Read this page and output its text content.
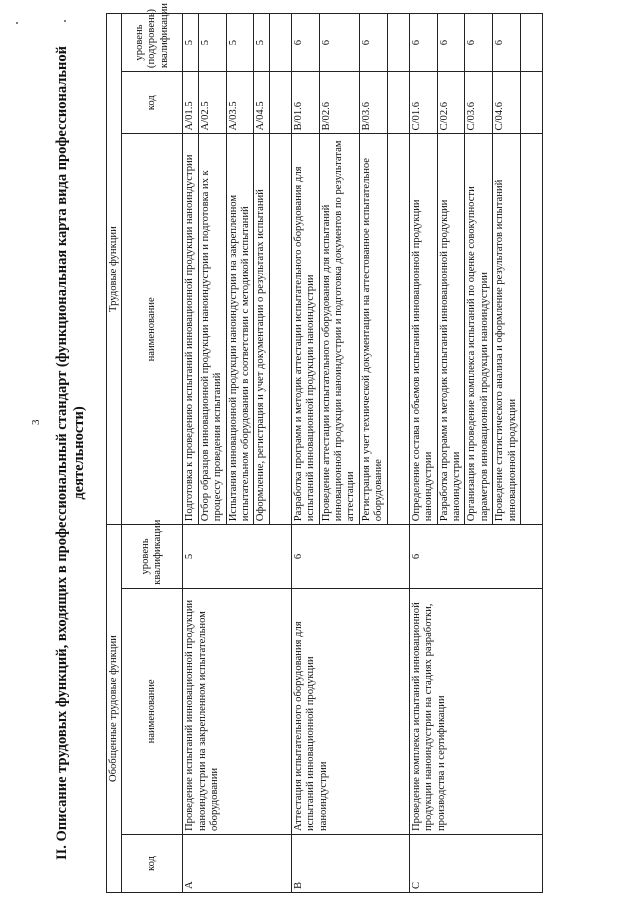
3 II. Описание трудовых функций, входящих в профессиональный стандарт (функциональная карта вида профессиональной деятельности)
Обобщенные трудовые функции			Трудовые функции		
код	наименование	уровень квалификации	наименование	код	уровень (подуровень) квалификации
A	Проведение испытаний инновационной продукции наноиндустрии на закрепленном испытательном оборудовании	5	Подготовка к проведению испытаний инновационной продукции наноиндустрии	A/01.5	5
			Отбор образцов инновационной продукции наноиндустрии и подготовка их к процессу проведения испытаний	A/02.5	5
			Испытания инновационной продукции наноиндустрии на закрепленном испытательном оборудовании в соответствии с методикой испытаний	A/03.5	5
			Оформление, регистрация и учет документации о результатах испытаний	A/04.5	5

B	Аттестация испытательного оборудования для испытаний инновационной продукции наноиндустрии	6	Разработка программ и методик аттестации испытательного оборудования для испытаний инновационной продукции наноиндустрии	B/01.6	6
			Проведение аттестации испытательного оборудования для испытаний инновационной продукции наноиндустрии и подготовка документов по результатам аттестации	B/02.6	6
			Регистрация и учет технической документации на аттестованное испытательное оборудование	B/03.6	6

C	Проведение комплекса испытаний инновационной продукции наноиндустрии на стадиях разработки, производства и сертификации	6	Определение состава и объемов испытаний инновационной продукции наноиндустрии	C/01.6	6
			Разработка программ и методик испытаний инновационной продукции наноиндустрии	C/02.6	6
			Организация и проведение комплекса испытаний по оценке совокупности параметров инновационной продукции наноиндустрии	C/03.6	6
			Проведение статистического анализа и оформление результатов испытаний инновационной продукции	C/04.6	6
